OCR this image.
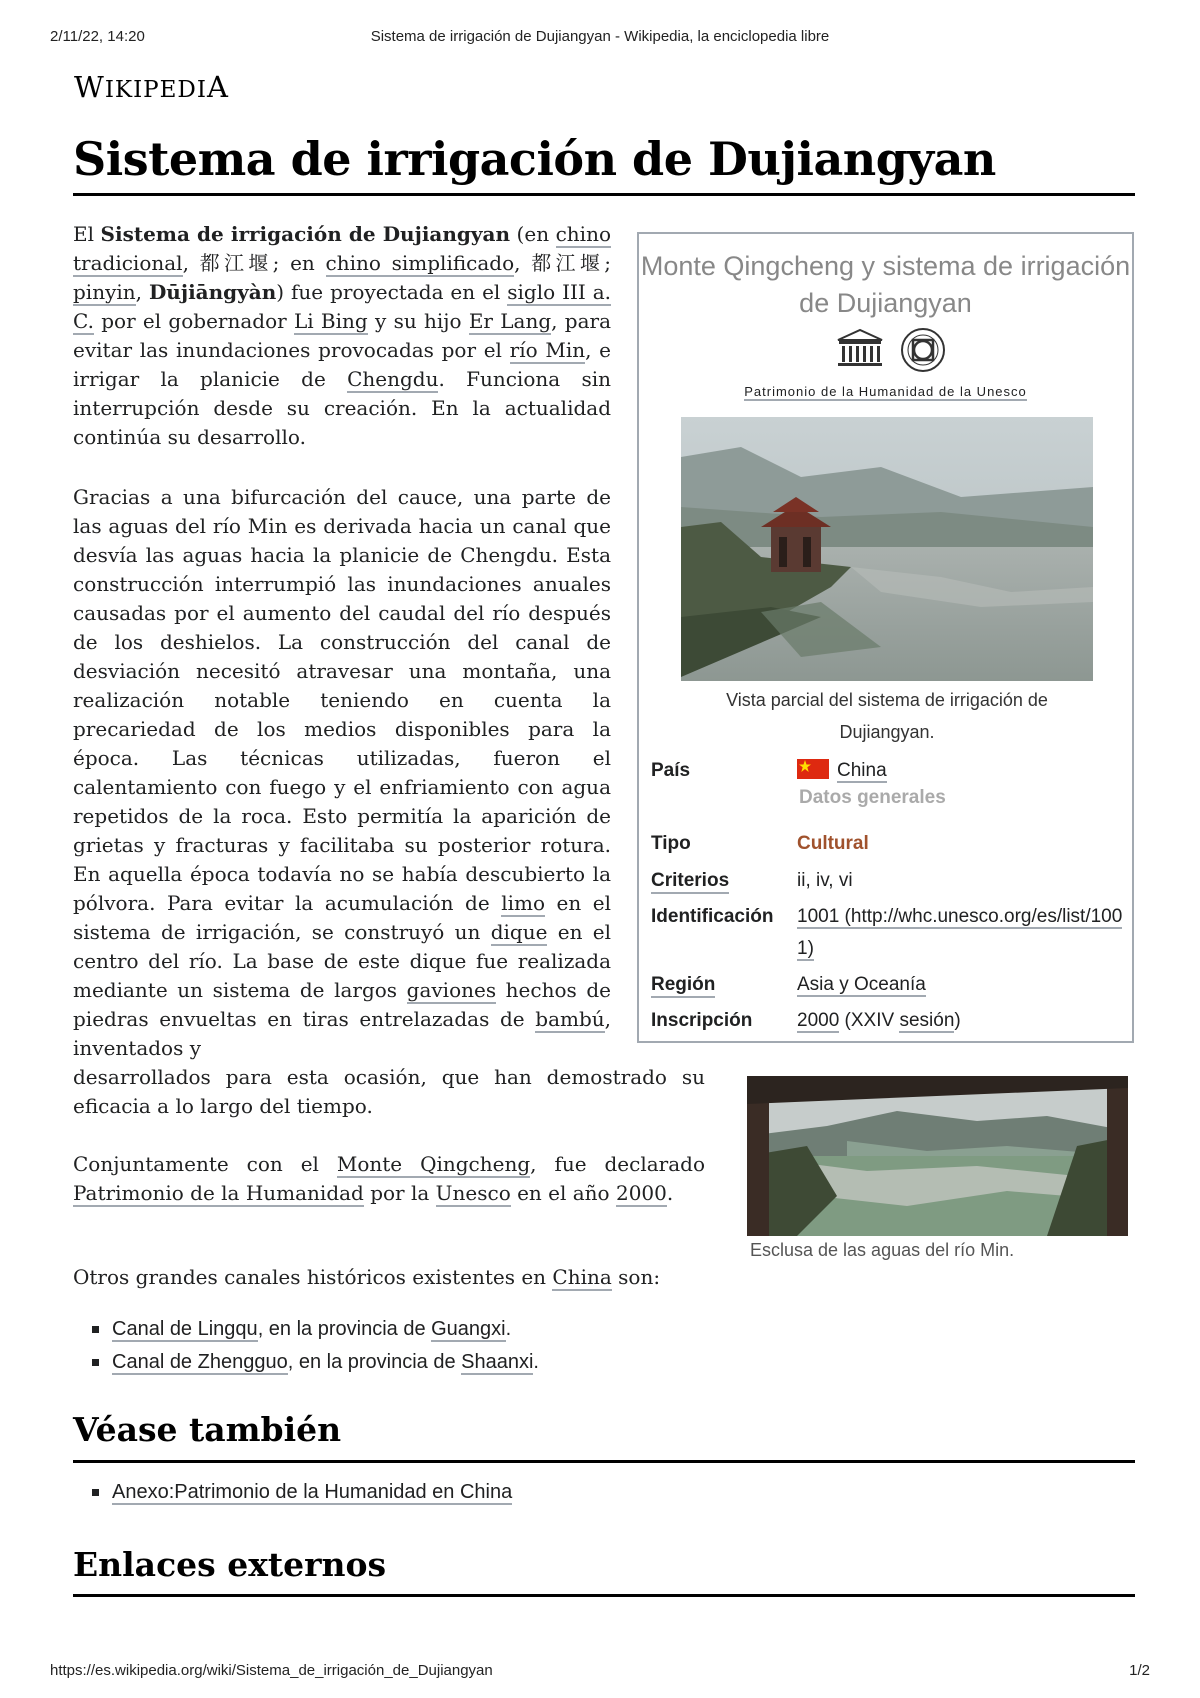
2/11/22, 14:20	Sistema de irrigación de Dujiangyan - Wikipedia, la enciclopedia libre
WIKIPEDIA
Sistema de irrigación de Dujiangyan

El Sistema de irrigación de Dujiangyan (en chino tradicional, 都江堰; en chino simplificado, 都江堰; pinyin, Dūjiāngyàn) fue proyectada en el siglo III a. C. por el gobernador Li Bing y su hijo Er Lang, para evitar las inundaciones provocadas por el río Min, e irrigar la planicie de Chengdu. Funciona sin interrupción desde su creación. En la actualidad continúa su desarrollo.

Gracias a una bifurcación del cauce, una parte de las aguas del río Min es derivada hacia un canal que desvía las aguas hacia la planicie de Chengdu. Esta construcción interrumpió las inundaciones anuales causadas por el aumento del caudal del río después de los deshielos. La construcción del canal de desviación necesitó atravesar una montaña, una realización notable teniendo en cuenta la precariedad de los medios disponibles para la época. Las técnicas utilizadas, fueron el calentamiento con fuego y el enfriamiento con agua repetidos de la roca. Esto permitía la aparición de grietas y fracturas y facilitaba su posterior rotura. En aquella época todavía no se había descubierto la pólvora. Para evitar la acumulación de limo en el sistema de irrigación, se construyó un dique en el centro del río. La base de este dique fue realizada mediante un sistema de largos gaviones hechos de piedras envueltas en tiras entrelazadas de bambú, inventados y

desarrollados para esta ocasión, que han demostrado su eficacia a lo largo del tiempo.

Conjuntamente con el Monte Qingcheng, fue declarado Patrimonio de la Humanidad por la Unesco en el año 2000.

Otros grandes canales históricos existentes en China son:

Canal de Lingqu, en la provincia de Guangxi.
Canal de Zhengguo, en la provincia de Shaanxi.
Véase también
Anexo:Patrimonio de la Humanidad en China
Enlaces externos
Monte Qingcheng y sistema de irrigación de Dujiangyan
Patrimonio de la Humanidad de la Unesco
Vista parcial del sistema de irrigación de Dujiangyan.
País	China
Datos generales
Tipo	Cultural
Criterios	ii, iv, vi
Identificación 1001 (http://whc.unesco.org/es/list/1001)
Región	Asia y Oceanía
Inscripción 2000 (XXIV sesión)
Esclusa de las aguas del río Min.
https://es.wikipedia.org/wiki/Sistema_de_irrigación_de_Dujiangyan	1/2
